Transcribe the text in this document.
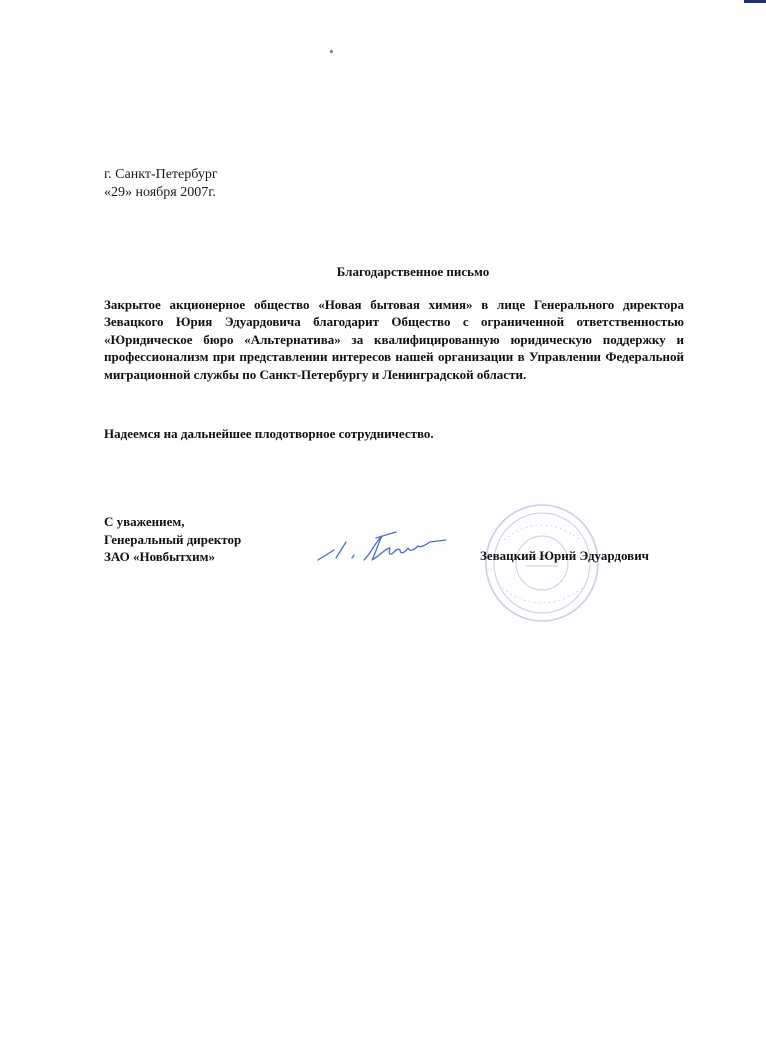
г. Санкт-Петербург
«29» ноября 2007г.
Благодарственное письмо
Закрытое акционерное общество «Новая бытовая химия» в лице Генерального директора Зевацкого Юрия Эдуардовича благодарит Общество с ограниченной ответственностью «Юридическое бюро «Альтернатива» за квалифицированную юридическую поддержку и профессионализм при представлении интересов нашей организации в Управлении Федеральной миграционной службы по Санкт-Петербургу и Ленинградской области.
Надеемся на дальнейшее плодотворное сотрудничество.
С уважением,
Генеральный директор
ЗАО «Новбытхим»	Зевацкий Юрий Эдуардович
